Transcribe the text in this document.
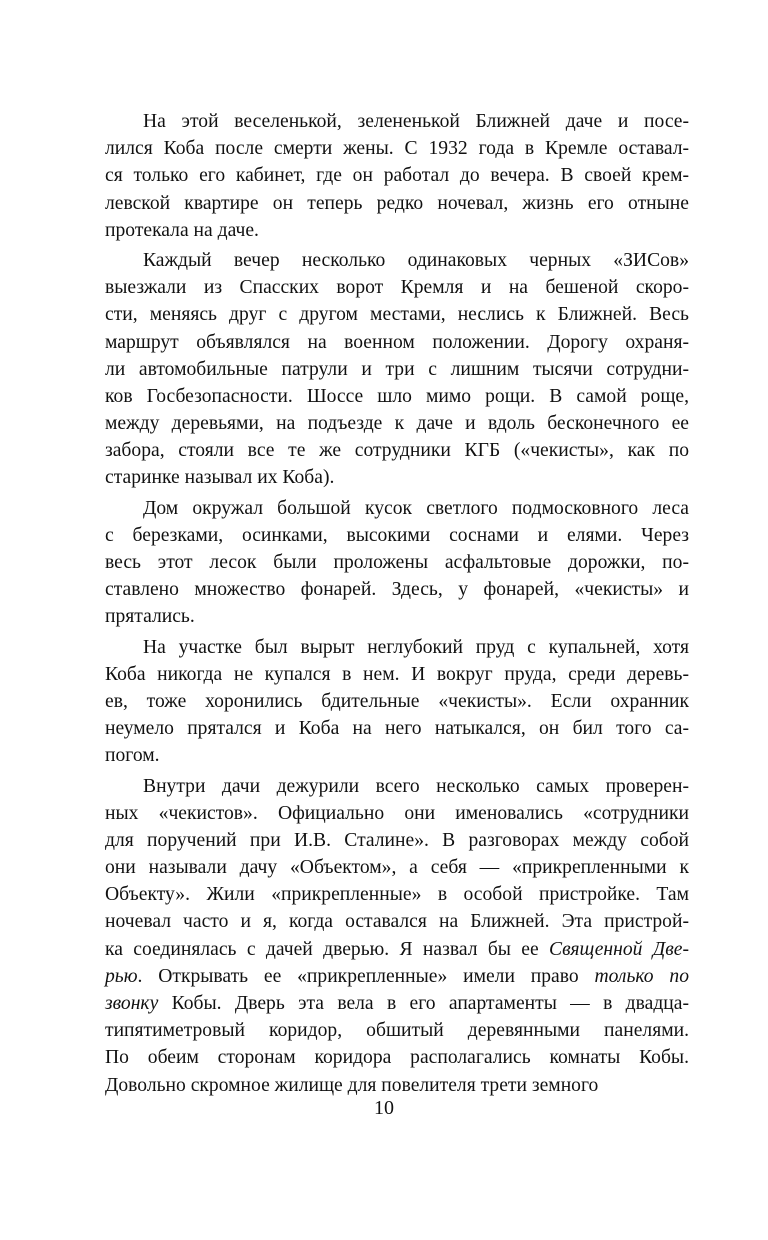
На этой веселенькой, зелененькой Ближней даче и посе-
лился Коба после смерти жены. С 1932 года в Кремле оставал-
ся только его кабинет, где он работал до вечера. В своей крем-
левской квартире он теперь редко ночевал, жизнь его отныне
протекала на даче.
Каждый вечер несколько одинаковых черных «ЗИСов»
выезжали из Спасских ворот Кремля и на бешеной скоро-
сти, меняясь друг с другом местами, неслись к Ближней. Весь
маршрут объявлялся на военном положении. Дорогу охраня-
ли автомобильные патрули и три с лишним тысячи сотрудни-
ков Госбезопасности. Шоссе шло мимо рощи. В самой роще,
между деревьями, на подъезде к даче и вдоль бесконечного ее
забора, стояли все те же сотрудники КГБ («чекисты», как по
старинке называл их Коба).
Дом окружал большой кусок светлого подмосковного леса
с березками, осинками, высокими соснами и елями. Через
весь этот лесок были проложены асфальтовые дорожки, по-
ставлено множество фонарей. Здесь, у фонарей, «чекисты» и
прятались.
На участке был вырыт неглубокий пруд с купальней, хотя
Коба никогда не купался в нем. И вокруг пруда, среди деревь-
ев, тоже хоронились бдительные «чекисты». Если охранник
неумело прятался и Коба на него натыкался, он бил того са-
погом.
Внутри дачи дежурили всего несколько самых проверен-
ных «чекистов». Официально они именовались «сотрудники
для поручений при И.В. Сталине». В разговорах между собой
они называли дачу «Объектом», а себя — «прикрепленными к
Объекту». Жили «прикрепленные» в особой пристройке. Там
ночевал часто и я, когда оставался на Ближней. Эта пристрой-
ка соединялась с дачей дверью. Я назвал бы ее Священной Две-
рью. Открывать ее «прикрепленные» имели право только по
звонку Кобы. Дверь эта вела в его апартаменты — в двадца-
типятиметровый коридор, обшитый деревянными панелями.
По обеим сторонам коридора располагались комнаты Кобы.
Довольно скромное жилище для повелителя трети земного
10
